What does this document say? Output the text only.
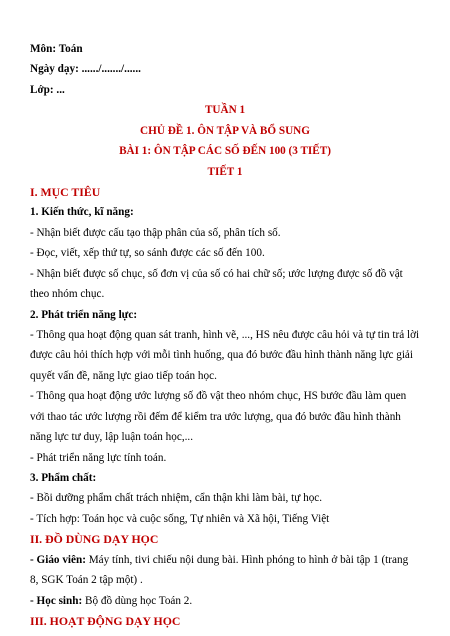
Môn: Toán
Ngày dạy: ....../......./......
Lớp: ...
TUẦN 1
CHỦ ĐỀ 1. ÔN TẬP VÀ BỔ SUNG
BÀI 1: ÔN TẬP CÁC SỐ ĐẾN 100 (3 TIẾT)
TIẾT 1
I. MỤC TIÊU
1. Kiến thức, kĩ năng:
- Nhận biết được cấu tạo thập phân của số, phân tích số.
- Đọc, viết, xếp thứ tự, so sánh được các số đến 100.
- Nhận biết được số chục, số đơn vị của số có hai chữ số; ước lượng được số đồ vật
theo nhóm chục.
2. Phát triển năng lực:
- Thông qua hoạt động quan sát tranh, hình vẽ, ..., HS nêu được câu hỏi và tự tin trả lời
được câu hỏi thích hợp với mỗi tình huống, qua đó bước đầu hình thành năng lực giải
quyết vấn đề, năng lực giao tiếp toán học.
- Thông qua hoạt động ước lượng số đồ vật theo nhóm chục, HS bước đầu làm quen
với thao tác ước lượng rồi đếm để kiểm tra ước lượng, qua đó bước đầu hình thành
năng lực tư duy, lập luận toán học,...
- Phát triển năng lực tính toán.
3. Phẩm chất:
- Bồi dưỡng phẩm chất trách nhiệm, cẩn thận khi làm bài, tự học.
- Tích hợp: Toán học và cuộc sống, Tự nhiên và Xã hội, Tiếng Việt
II. ĐỒ DÙNG DẠY HỌC
- Giáo viên: Máy tính, tivi chiếu nội dung bài. Hình phóng to hình ở bài tập 1 (trang
8, SGK Toán 2 tập một) .
- Học sinh: Bộ đồ dùng học Toán 2.
III. HOẠT ĐỘNG DẠY HỌC
